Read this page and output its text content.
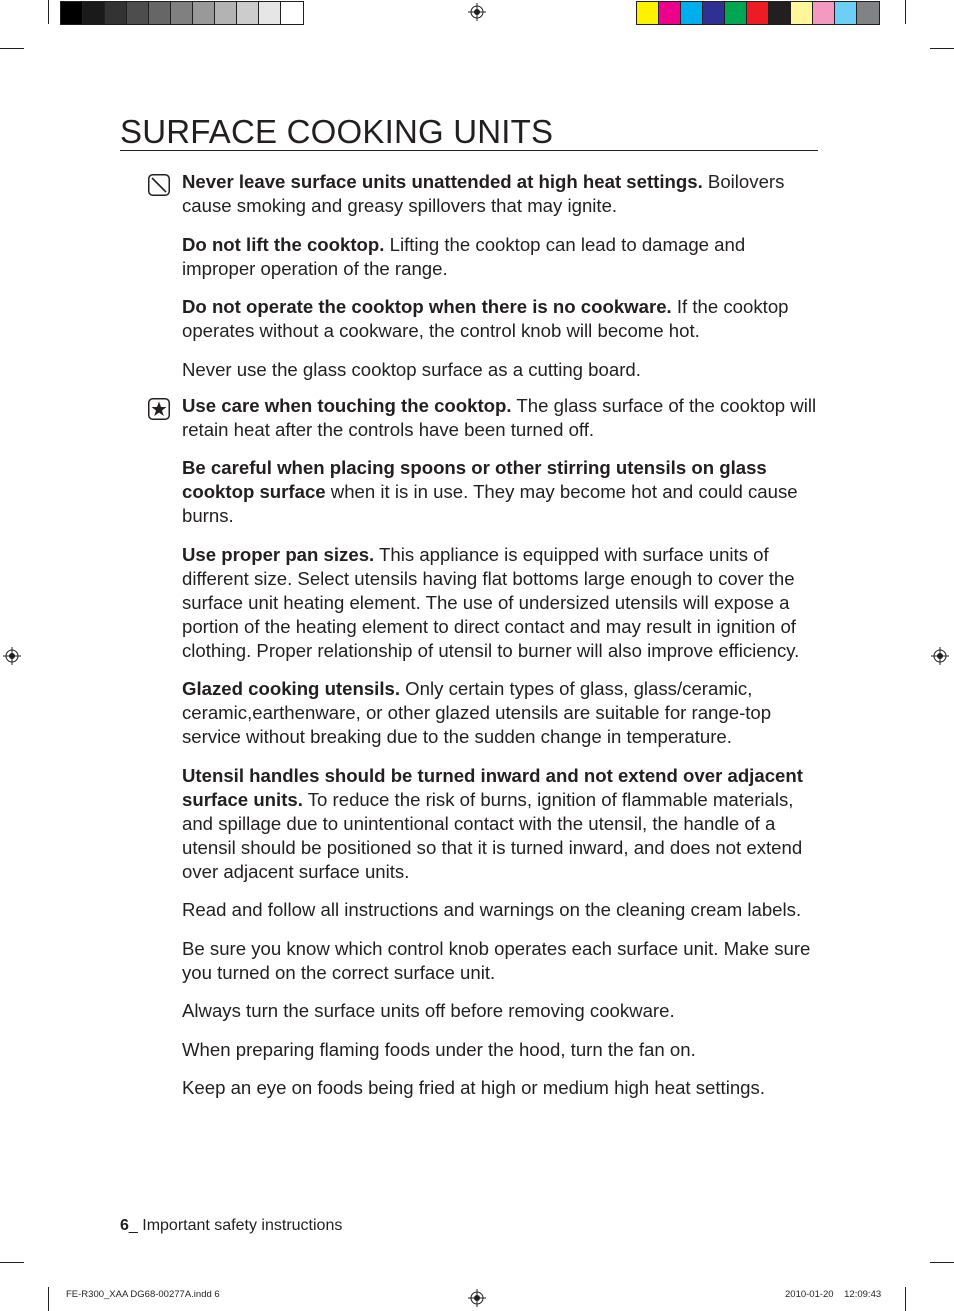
SURFACE COOKING UNITS

Never leave surface units unattended at high heat settings. Boilovers cause smoking and greasy spillovers that may ignite.

Do not lift the cooktop. Lifting the cooktop can lead to damage and improper operation of the range.

Do not operate the cooktop when there is no cookware. If the cooktop operates without a cookware, the control knob will become hot.

Never use the glass cooktop surface as a cutting board.

Use care when touching the cooktop. The glass surface of the cooktop will retain heat after the controls have been turned off.

Be careful when placing spoons or other stirring utensils on glass cooktop surface when it is in use. They may become hot and could cause burns.

Use proper pan sizes. This appliance is equipped with surface units of different size. Select utensils having flat bottoms large enough to cover the surface unit heating element. The use of undersized utensils will expose a portion of the heating element to direct contact and may result in ignition of clothing. Proper relationship of utensil to burner will also improve efficiency.

Glazed cooking utensils. Only certain types of glass, glass/ceramic, ceramic,earthenware, or other glazed utensils are suitable for range-top service without breaking due to the sudden change in temperature.

Utensil handles should be turned inward and not extend over adjacent surface units. To reduce the risk of burns, ignition of flammable materials, and spillage due to unintentional contact with the utensil, the handle of a utensil should be positioned so that it is turned inward, and does not extend over adjacent surface units.

Read and follow all instructions and warnings on the cleaning cream labels.

Be sure you know which control knob operates each surface unit. Make sure you turned on the correct surface unit.

Always turn the surface units off before removing cookware.

When preparing flaming foods under the hood, turn the fan on.

Keep an eye on foods being fried at high or medium high heat settings.

6_ Important safety instructions
FE-R300_XAA DG68-00277A.indd 6	2010-01-20    12:09:43
